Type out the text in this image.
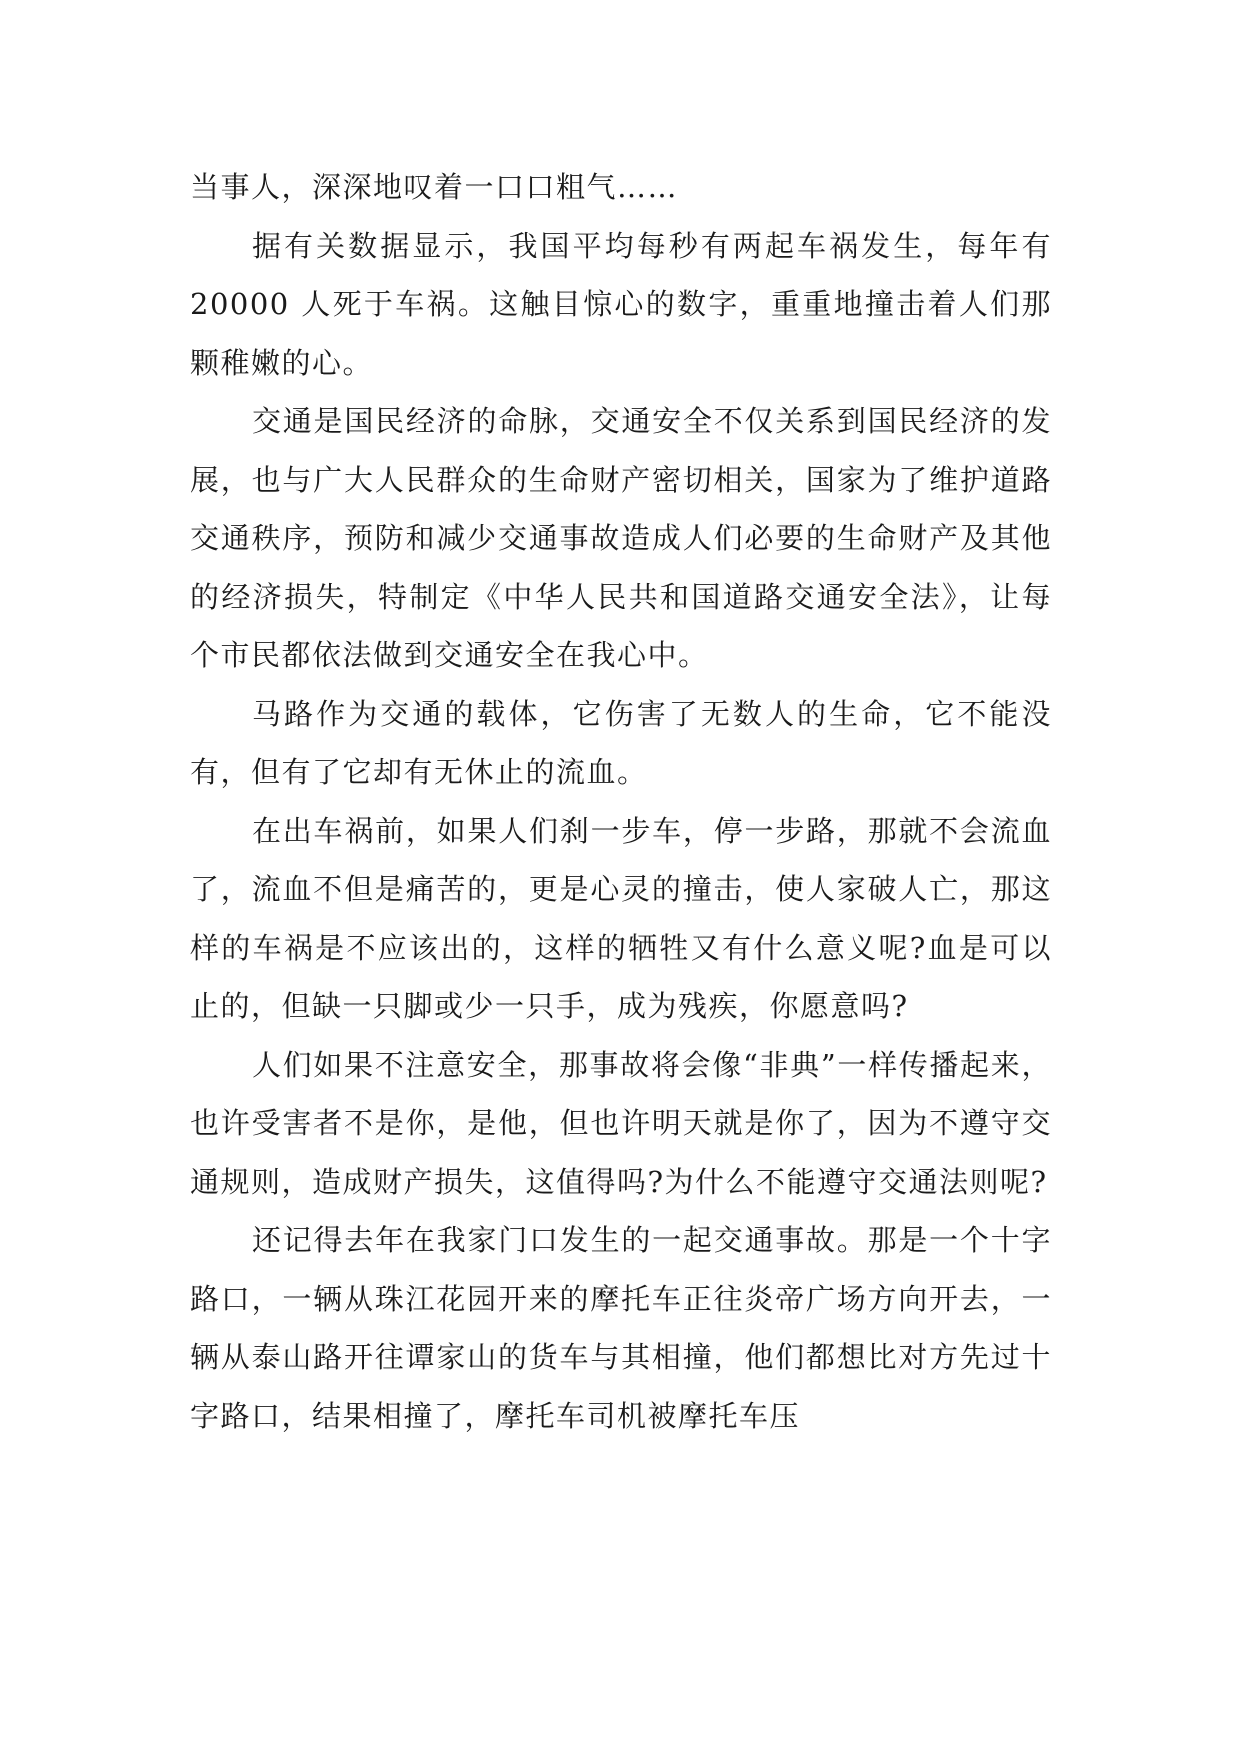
当事人，深深地叹着一口口粗气……

据有关数据显示，我国平均每秒有两起车祸发生，每年有 20000 人死于车祸。这触目惊心的数字，重重地撞击着人们那颗稚嫩的心。

交通是国民经济的命脉，交通安全不仅关系到国民经济的发展，也与广大人民群众的生命财产密切相关，国家为了维护道路交通秩序，预防和减少交通事故造成人们必要的生命财产及其他的经济损失，特制定《中华人民共和国道路交通安全法》，让每个市民都依法做到交通安全在我心中。

马路作为交通的载体，它伤害了无数人的生命，它不能没有，但有了它却有无休止的流血。

在出车祸前，如果人们刹一步车，停一步路，那就不会流血了，流血不但是痛苦的，更是心灵的撞击，使人家破人亡，那这样的车祸是不应该出的，这样的牺牲又有什么意义呢?血是可以止的，但缺一只脚或少一只手，成为残疾，你愿意吗?

人们如果不注意安全，那事故将会像“非典”一样传播起来，也许受害者不是你，是他，但也许明天就是你了，因为不遵守交通规则，造成财产损失，这值得吗?为什么不能遵守交通法则呢?

还记得去年在我家门口发生的一起交通事故。那是一个十字路口，一辆从珠江花园开来的摩托车正往炎帝广场方向开去，一辆从泰山路开往谭家山的货车与其相撞，他们都想比对方先过十字路口，结果相撞了，摩托车司机被摩托车压
